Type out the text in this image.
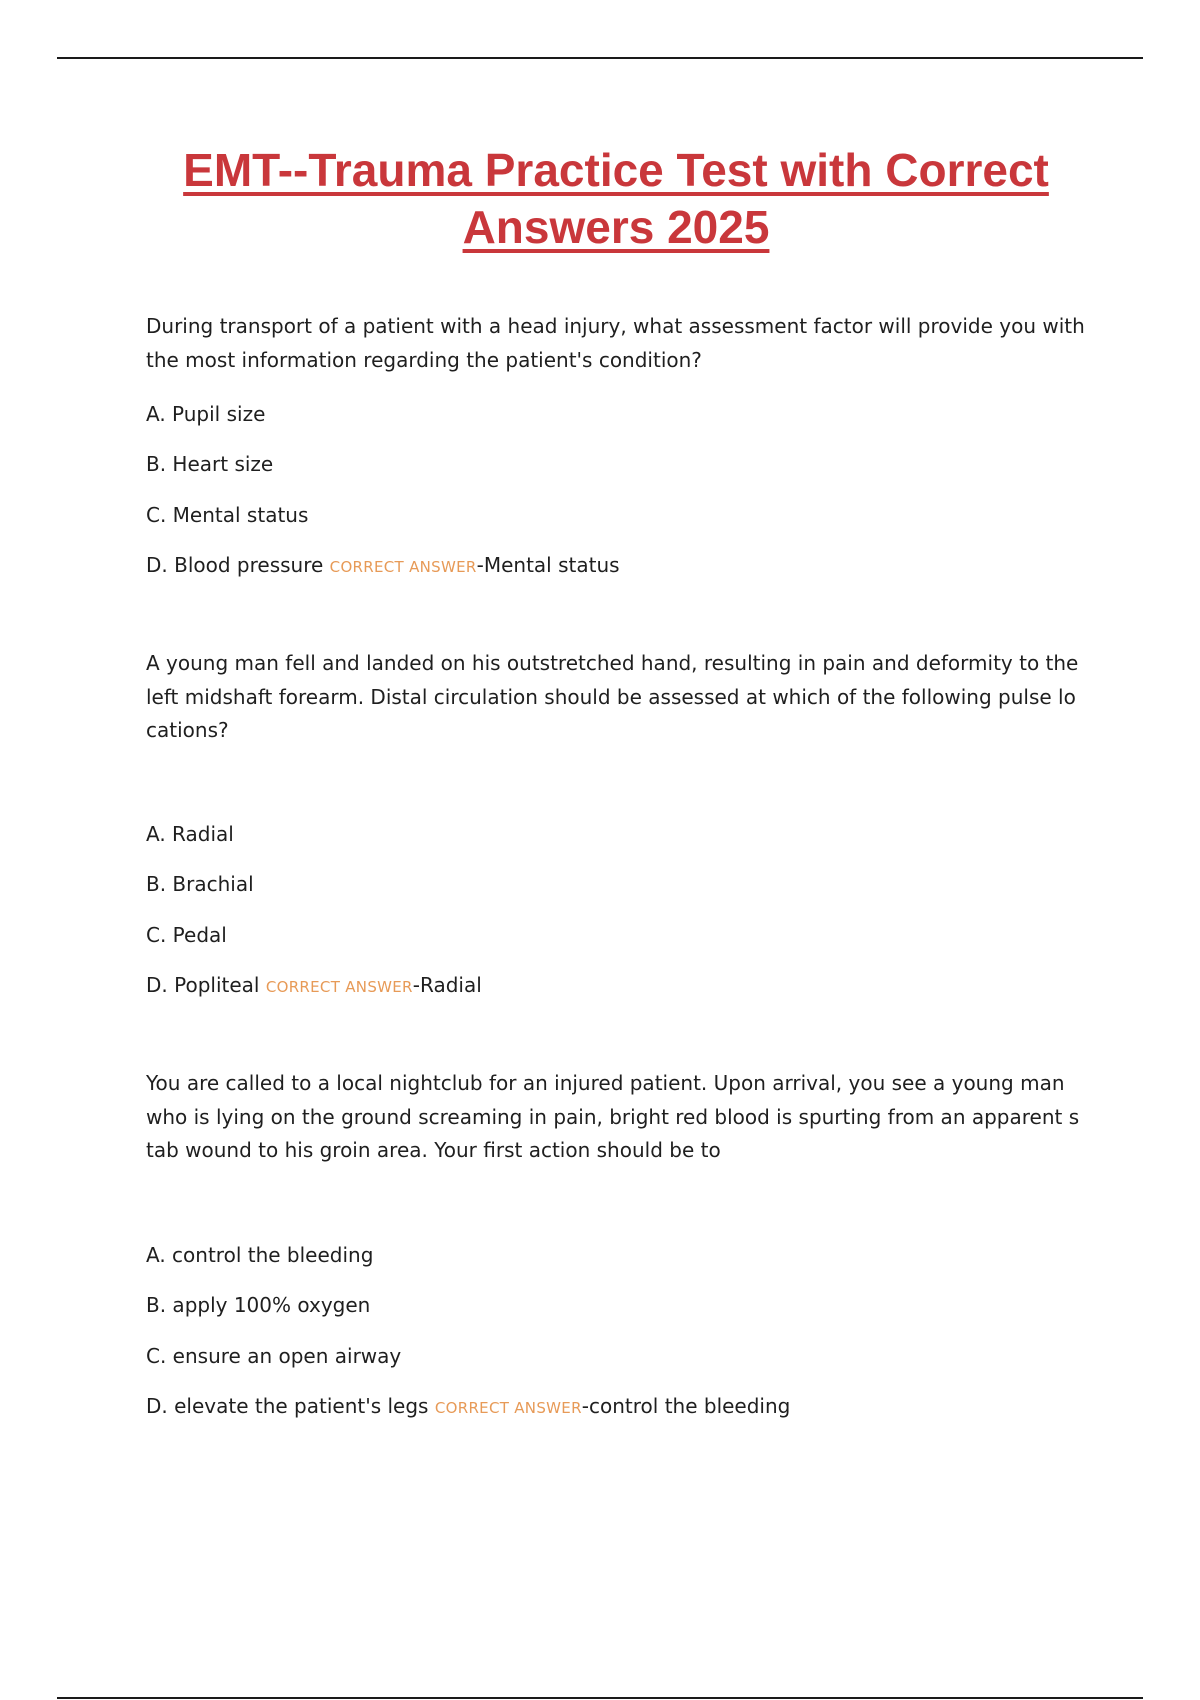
EMT--Trauma Practice Test with Correct Answers 2025

During transport of a patient with a head injury, what assessment factor will provide you with the most information regarding the patient's condition?

A. Pupil size

B. Heart size

C. Mental status

D. Blood pressure CORRECT ANSWER-Mental status

A young man fell and landed on his outstretched hand, resulting in pain and deformity to the left midshaft forearm. Distal circulation should be assessed at which of the following pulse locations?

A. Radial

B. Brachial

C. Pedal

D. Popliteal CORRECT ANSWER-Radial

You are called to a local nightclub for an injured patient. Upon arrival, you see a young man who is lying on the ground screaming in pain, bright red blood is spurting from an apparent stab wound to his groin area. Your first action should be to

A. control the bleeding

B. apply 100% oxygen

C. ensure an open airway

D. elevate the patient's legs CORRECT ANSWER-control the bleeding
